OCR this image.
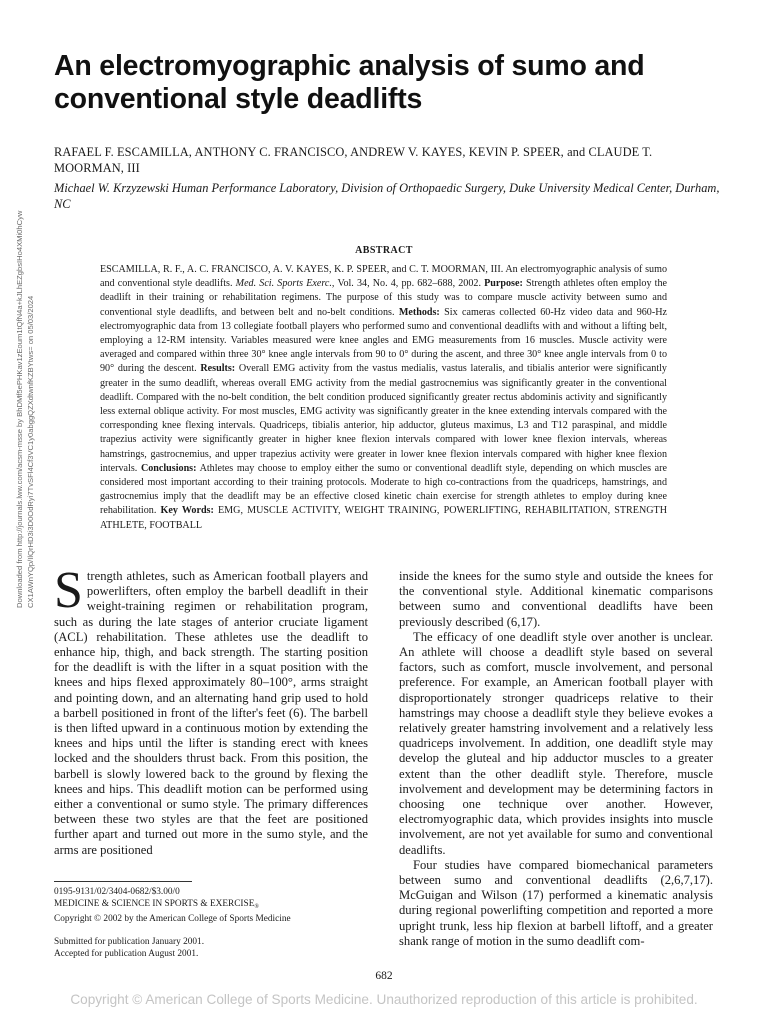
An electromyographic analysis of sumo and conventional style deadlifts
RAFAEL F. ESCAMILLA, ANTHONY C. FRANCISCO, ANDREW V. KAYES, KEVIN P. SPEER, and CLAUDE T. MOORMAN, III
Michael W. Krzyzewski Human Performance Laboratory, Division of Orthopaedic Surgery, Duke University Medical Center, Durham, NC
Downloaded from http://journals.lww.com/acsm-msse by BhDMf5ePHKav1zEoum1tQfN4a+kJLhEZgbsIHo4XMi0hCyw CX1AWnYQp/IlQrHD3i3D0OdRyi7TvSFl4Cf3VC1y0abggQZXdtwnfKZBYtws= on 05/03/2024
ABSTRACT

ESCAMILLA, R. F., A. C. FRANCISCO, A. V. KAYES, K. P. SPEER, and C. T. MOORMAN, III. An electromyographic analysis of sumo and conventional style deadlifts. Med. Sci. Sports Exerc., Vol. 34, No. 4, pp. 682–688, 2002. Purpose: Strength athletes often employ the deadlift in their training or rehabilitation regimens. The purpose of this study was to compare muscle activity between sumo and conventional style deadlifts, and between belt and no-belt conditions. Methods: Six cameras collected 60-Hz video data and 960-Hz electromyographic data from 13 collegiate football players who performed sumo and conventional deadlifts with and without a lifting belt, employing a 12-RM intensity. Variables measured were knee angles and EMG measurements from 16 muscles. Muscle activity were averaged and compared within three 30° knee angle intervals from 90 to 0° during the ascent, and three 30° knee angle intervals from 0 to 90° during the descent. Results: Overall EMG activity from the vastus medialis, vastus lateralis, and tibialis anterior were significantly greater in the sumo deadlift, whereas overall EMG activity from the medial gastrocnemius was significantly greater in the conventional deadlift. Compared with the no-belt condition, the belt condition produced significantly greater rectus abdominis activity and significantly less external oblique activity. For most muscles, EMG activity was significantly greater in the knee extending intervals compared with the corresponding knee flexing intervals. Quadriceps, tibialis anterior, hip adductor, gluteus maximus, L3 and T12 paraspinal, and middle trapezius activity were significantly greater in higher knee flexion intervals compared with lower knee flexion intervals, whereas hamstrings, gastrocnemius, and upper trapezius activity were greater in lower knee flexion intervals compared with higher knee flexion intervals. Conclusions: Athletes may choose to employ either the sumo or conventional deadlift style, depending on which muscles are considered most important according to their training protocols. Moderate to high co-contractions from the quadriceps, hamstrings, and gastrocnemius imply that the deadlift may be an effective closed kinetic chain exercise for strength athletes to employ during knee rehabilitation. Key Words: EMG, MUSCLE ACTIVITY, WEIGHT TRAINING, POWERLIFTING, REHABILITATION, STRENGTH ATHLETE, FOOTBALL

S trength athletes, such as American football players and powerlifters, often employ the barbell deadlift in their weight-training regimen or rehabilitation program, such as during the late stages of anterior cruciate ligament (ACL) rehabilitation. These athletes use the deadlift to enhance hip, thigh, and back strength. The starting position for the deadlift is with the lifter in a squat position with the knees and hips flexed approximately 80–100°, arms straight and pointing down, and an alternating hand grip used to hold a barbell positioned in front of the lifter's feet (6). The barbell is then lifted upward in a continuous motion by extending the knees and hips until the lifter is standing erect with knees locked and the shoulders thrust back. From this position, the barbell is slowly lowered back to the ground by flexing the knees and hips. This deadlift motion can be performed using either a conventional or sumo style. The primary differences between these two styles are that the feet are positioned further apart and turned out more in the sumo style, and the arms are positioned

inside the knees for the sumo style and outside the knees for the conventional style. Additional kinematic comparisons between sumo and conventional deadlifts have been previously described (6,17).

The efficacy of one deadlift style over another is unclear. An athlete will choose a deadlift style based on several factors, such as comfort, muscle involvement, and personal preference. For example, an American football player with disproportionately stronger quadriceps relative to their hamstrings may choose a deadlift style they believe evokes a relatively greater hamstring involvement and a relatively less quadriceps involvement. In addition, one deadlift style may develop the gluteal and hip adductor muscles to a greater extent than the other deadlift style. Therefore, muscle involvement and development may be determining factors in choosing one technique over another. However, electromyographic data, which provides insights into muscle involvement, are not yet available for sumo and conventional deadlifts.

Four studies have compared biomechanical parameters between sumo and conventional deadlifts (2,6,7,17). McGuigan and Wilson (17) performed a kinematic analysis during regional powerlifting competition and reported a more upright trunk, less hip flexion at barbell liftoff, and a greater shank range of motion in the sumo deadlift com-

0195-9131/02/3404-0682/$3.00/0
MEDICINE & SCIENCE IN SPORTS & $EXERCISE_®$
Copyright © 2002 by the American College of Sports Medicine
Submitted for publication January 2001.
Accepted for publication August 2001.
682
Copyright © American College of Sports Medicine. Unauthorized reproduction of this article is prohibited.
